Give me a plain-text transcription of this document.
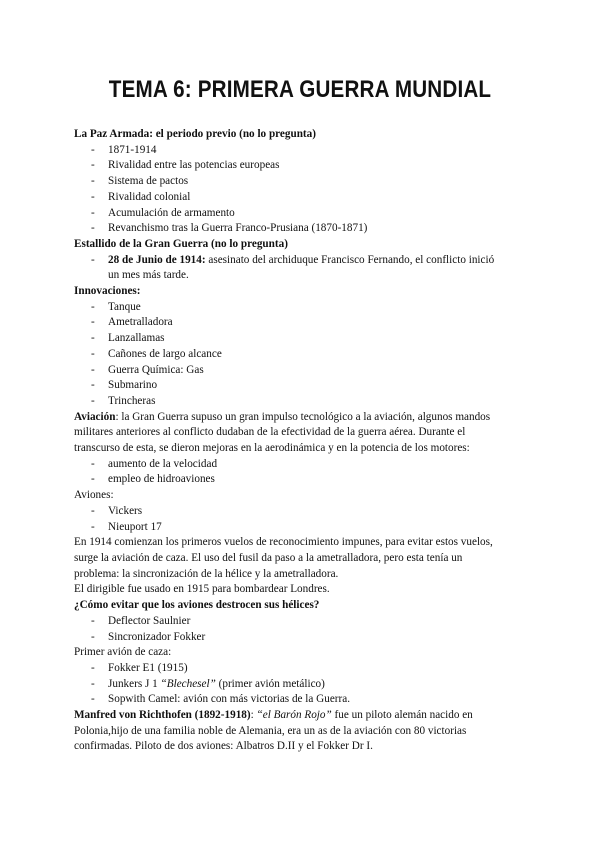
TEMA 6: PRIMERA GUERRA MUNDIAL
La Paz Armada: el periodo previo (no lo pregunta)
- 1871-1914
- Rivalidad entre las potencias europeas
- Sistema de pactos
- Rivalidad colonial
- Acumulación de armamento
- Revanchismo tras la Guerra Franco-Prusiana (1870-1871)
Estallido de la Gran Guerra (no lo pregunta)
- 28 de Junio de 1914: asesinato del archiduque Francisco Fernando, el conflicto inició
un mes más tarde.
Innovaciones:
- Tanque
- Ametralladora
- Lanzallamas
- Cañones de largo alcance
- Guerra Química: Gas
- Submarino
- Trincheras
Aviación: la Gran Guerra supuso un gran impulso tecnológico a la aviación, algunos mandos
militares anteriores al conflicto dudaban de la efectividad de la guerra aérea. Durante el
transcurso de esta, se dieron mejoras en la aerodinámica y en la potencia de los motores:
- aumento de la velocidad
- empleo de hidroaviones
Aviones:
- Vickers
- Nieuport 17
En 1914 comienzan los primeros vuelos de reconocimiento impunes, para evitar estos vuelos,
surge la aviación de caza. El uso del fusil da paso a la ametralladora, pero esta tenía un
problema: la sincronización de la hélice y la ametralladora.
El dirigible fue usado en 1915 para bombardear Londres.
¿Cómo evitar que los aviones destrocen sus hélices?
- Deflector Saulnier
- Sincronizador Fokker
Primer avión de caza:
- Fokker E1 (1915)
- Junkers J 1 “Blechesel” (primer avión metálico)
- Sopwith Camel: avión con más victorias de la Guerra.
Manfred von Richthofen (1892-1918): “el Barón Rojo” fue un piloto alemán nacido en
Polonia,hijo de una familia noble de Alemania, era un as de la aviación con 80 victorias
confirmadas. Piloto de dos aviones: Albatros D.II y el Fokker Dr I.
